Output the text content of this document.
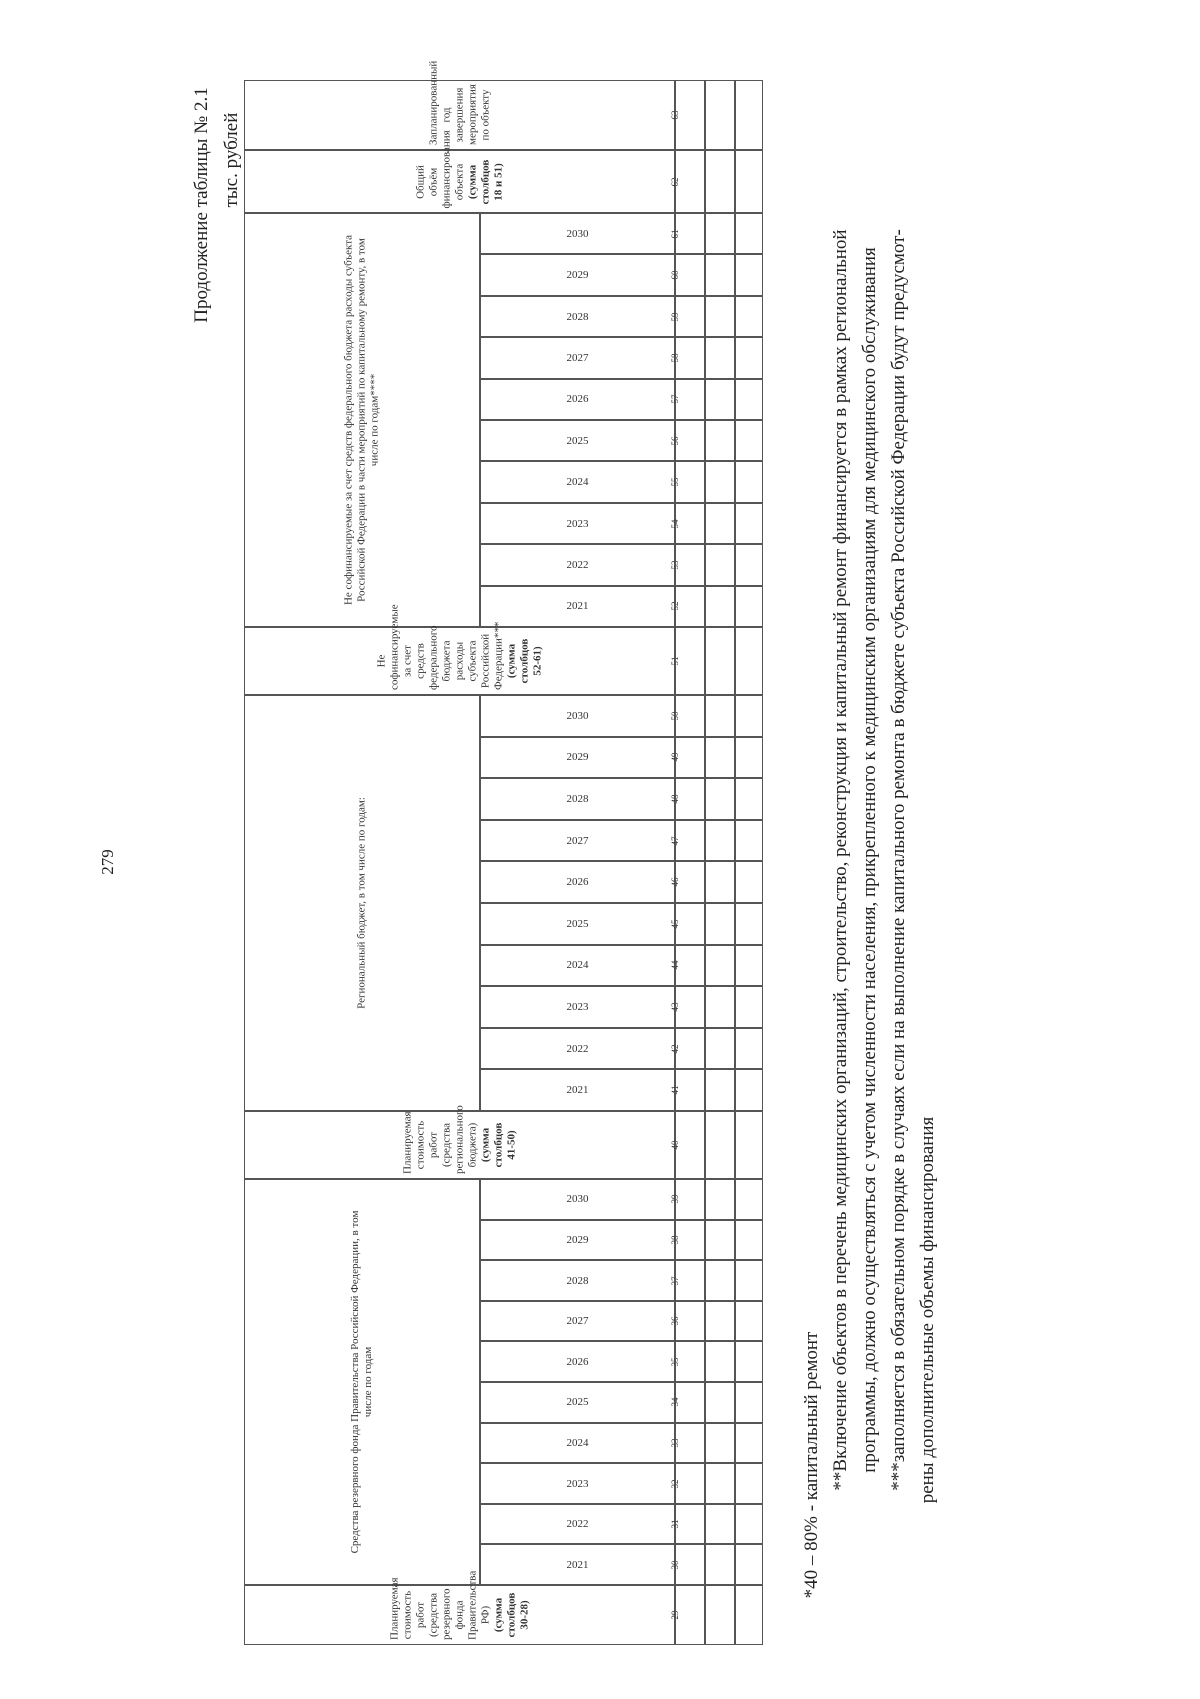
279
Продолжение таблицы № 2.1 тыс. рублей
Запланированный год завершения мероприятия по объекту	63
Общий объём финансирования объекта (сумма столбцов 18 и 51)	62
Не софинансируемые за счет средств федерального бюджета расходы субъекта Российской Федерации в части мероприятий по капитальному ремонту, в том числе по годам****
2030	61
2029	60
2028	59
2027	58
2026	57
2025	56
2024	55
2023	54
2022	53
2021	52
Не софинансируемые за счет средств федерального бюджета расходы субъекта Российской Федерации*** (сумма столбцов 52-61)	51
Региональный бюджет, в том числе по годам:
2030	50
2029	49
2028	48
2027	47
2026	46
2025	45
2024	44
2023	43
2022	42
2021	41
Планируемая стоимость работ (средства регионального бюджета) (сумма столбцов 41-50)	40
Средства резервного фонда Правительства Российской Федерации, в том числе по годам
2030	39
2029	38
2028	37
2027	36
2026	35
2025	34
2024	33
2023	32
2022	31
2021	30
Планируемая стоимость работ (средства резервного фонда Правительства РФ) (сумма столбцов 30-28)	29
*40 – 80% - капитальный ремонт **Включение объектов в перечень медицинских организаций, строительство, реконструкция и капитальный ремонт финансируется в рамках региональной программы, должно осуществляться с учетом численности населения, прикрепленного к медицинским организациям для медицинского обслуживания ***заполняется в обязательном порядке в случаях если на выполнение капитального ремонта в бюджете субъекта Российской Федерации будут предусмот- рены дополнительные объемы финансирования
